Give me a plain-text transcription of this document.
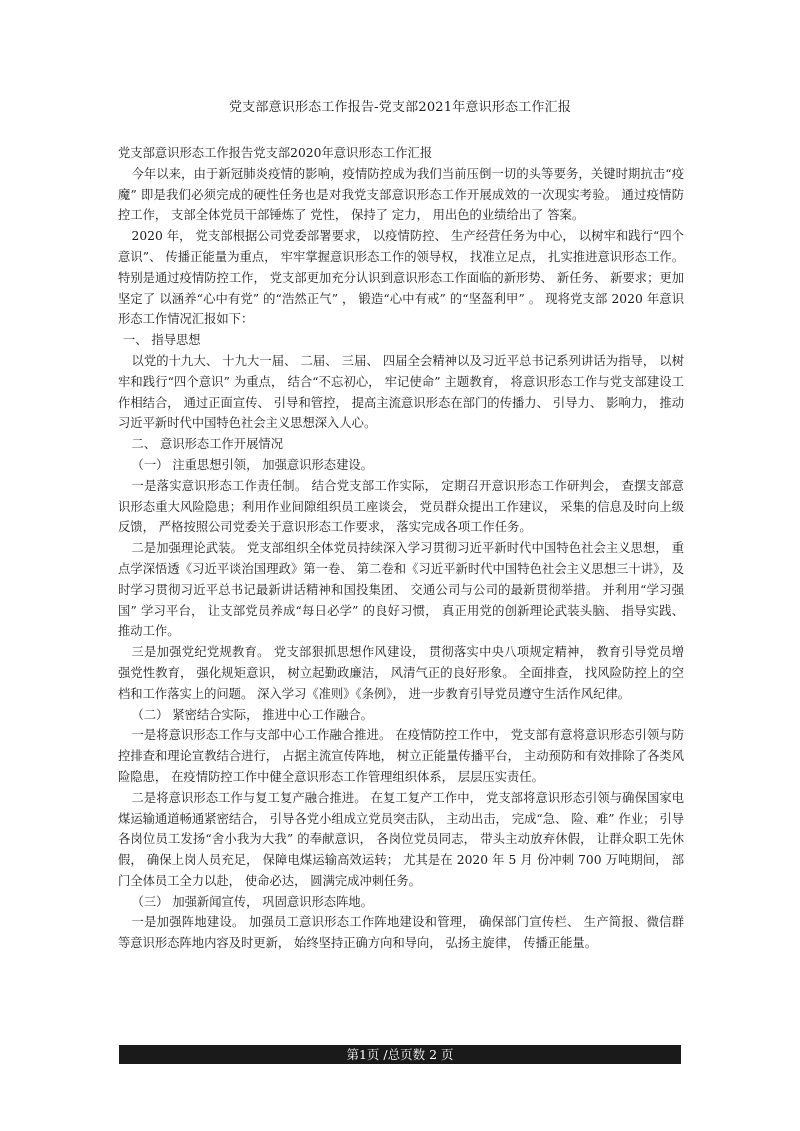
党支部意识形态工作报告-党支部2021年意识形态工作汇报

党支部意识形态工作报告党支部2020年意识形态工作汇报

今年以来，由于新冠肺炎疫情的影响，疫情防控成为我们当前压倒一切的头等要务，关键时期抗击“疫魔” 即是我们必须完成的硬性任务也是对我党支部意识形态工作开展成效的一次现实考验。 通过疫情防控工作， 支部全体党员干部锤炼了 党性， 保持了 定力， 用出色的业绩给出了 答案。

2020 年， 党支部根据公司党委部署要求， 以疫情防控、 生产经营任务为中心， 以树牢和践行“四个意识”、 传播正能量为重点， 牢牢掌握意识形态工作的领导权， 找准立足点， 扎实推进意识形态工作。特别是通过疫情防控工作， 党支部更加充分认识到意识形态工作面临的新形势、 新任务、 新要求；更加坚定了 以涵养“心中有党” 的“浩然正气” ， 锻造“心中有戒” 的“坚盔利甲” 。 现将党支部 2020 年意识形态工作情况汇报如下：

一、 指导思想

以党的十九大、 十九大一届、 二届、 三届、 四届全会精神以及习近平总书记系列讲话为指导， 以树牢和践行“四个意识” 为重点， 结合“不忘初心， 牢记使命” 主题教育， 将意识形态工作与党支部建设工作相结合， 通过正面宣传、 引导和管控， 提高主流意识形态在部门的传播力、 引导力、 影响力， 推动习近平新时代中国特色社会主义思想深入人心。

二、 意识形态工作开展情况

（一） 注重思想引领， 加强意识形态建设。

一是落实意识形态工作责任制。 结合党支部工作实际， 定期召开意识形态工作研判会， 查摆支部意识形态重大风险隐患；利用作业间隙组织员工座谈会， 党员群众提出工作建议， 采集的信息及时向上级反馈， 严格按照公司党委关于意识形态工作要求， 落实完成各项工作任务。

二是加强理论武装。 党支部组织全体党员持续深入学习贯彻习近平新时代中国特色社会主义思想， 重点学深悟透《习近平谈治国理政》第一卷、 第二卷和《习近平新时代中国特色社会主义思想三十讲》，及时学习贯彻习近平总书记最新讲话精神和国投集团、 交通公司与公司的最新贯彻举措。 并利用“学习强国” 学习平台， 让支部党员养成“每日必学” 的良好习惯， 真正用党的创新理论武装头脑、 指导实践、推动工作。

三是加强党纪党规教育。 党支部狠抓思想作风建设， 贯彻落实中央八项规定精神， 教育引导党员增强党性教育， 强化规矩意识， 树立起勤政廉洁， 风清气正的良好形象。 全面排查， 找风险防控上的空档和工作落实上的问题。 深入学习《准则》《条例》， 进一步教育引导党员遵守生活作风纪律。

（二） 紧密结合实际， 推进中心工作融合。

一是将意识形态工作与支部中心工作融合推进。 在疫情防控工作中， 党支部有意将意识形态引领与防控排查和理论宣教结合进行， 占据主流宣传阵地， 树立正能量传播平台， 主动预防和有效排除了各类风险隐患， 在疫情防控工作中健全意识形态工作管理组织体系， 层层压实责任。

二是将意识形态工作与复工复产融合推进。 在复工复产工作中， 党支部将意识形态引领与确保国家电煤运输通道畅通紧密结合， 引导各党小组成立党员突击队， 主动出击， 完成“急、 险、难” 作业； 引导各岗位员工发扬“舍小我为大我” 的奉献意识， 各岗位党员同志， 带头主动放弃休假， 让群众职工先休假， 确保上岗人员充足， 保障电煤运输高效运转； 尤其是在 2020 年 5 月 份冲刺 700 万吨期间， 部门全体员工全力以赴， 使命必达， 圆满完成冲刺任务。

（三） 加强新闻宣传， 巩固意识形态阵地。

一是加强阵地建设。 加强员工意识形态工作阵地建设和管理， 确保部门宣传栏、 生产简报、微信群等意识形态阵地内容及时更新， 始终坚持正确方向和导向， 弘扬主旋律， 传播正能量。

第1页 /总页数 2 页
